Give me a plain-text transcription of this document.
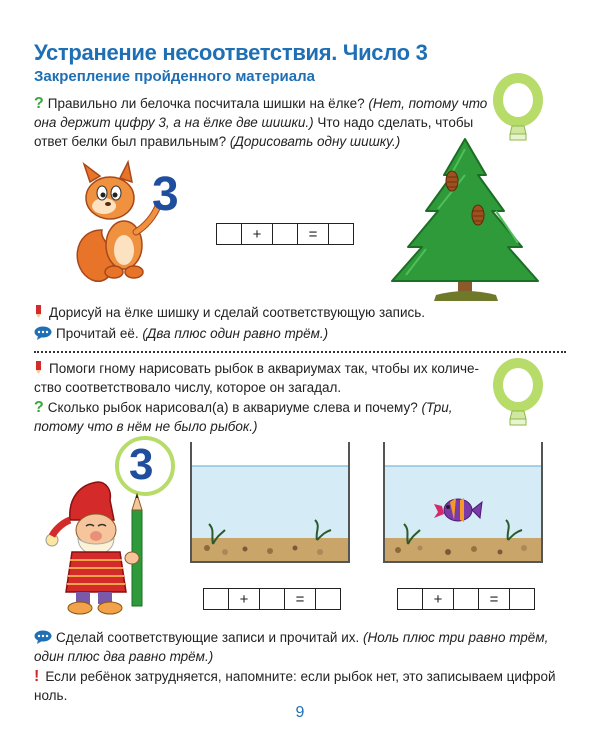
Устранение несоответствия. Число 3
Закрепление пройденного материала
? Правильно ли белочка посчитала шишки на ёлке? (Нет, потому что
она держит цифру 3, а на ёлке две шишки.) Что надо сделать, чтобы
ответ белки был правильным? (Дорисовать одну шишку.)
3
+	=
Дорисуй на ёлке шишку и сделай соответствующую запись.
Прочитай её. (Два плюс один равно трём.)
Помоги гному нарисовать рыбок в аквариумах так, чтобы их количе-
ство соответствовало числу, которое он загадал.
? Сколько рыбок нарисовал(а) в аквариуме слева и почему? (Три,
потому что в нём не было рыбок.)
3
+	=	+	=
Сделай соответствующие записи и прочитай их. (Ноль плюс три равно трём,
один плюс два равно трём.)
! Если ребёнок затрудняется, напомните: если рыбок нет, это записываем цифрой
ноль.
9
